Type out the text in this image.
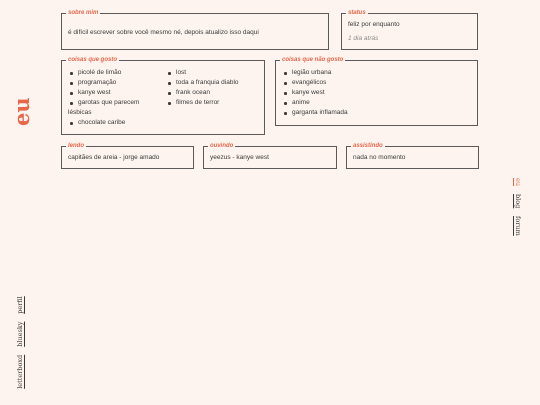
eu
letterboxd
bluesky
perfil
eu
blog
forum
sobre mim
é difícil escrever sobre você mesmo né, depois atualizo isso daqui
status
feliz por enquanto
1 dia atrás
coisas que gosto
picolé de limão
programação
kanye west
garotas que parecem
lésbicas
chocolate caribe
lost
toda a franquia diablo
frank ocean
filmes de terror
coisas que não gosto
legião urbana
evangélicos
kanye west
anime
garganta inflamada
lendo
capitães de areia - jorge amado
ouvindo
yeezus - kanye west
assistindo
nada no momento
